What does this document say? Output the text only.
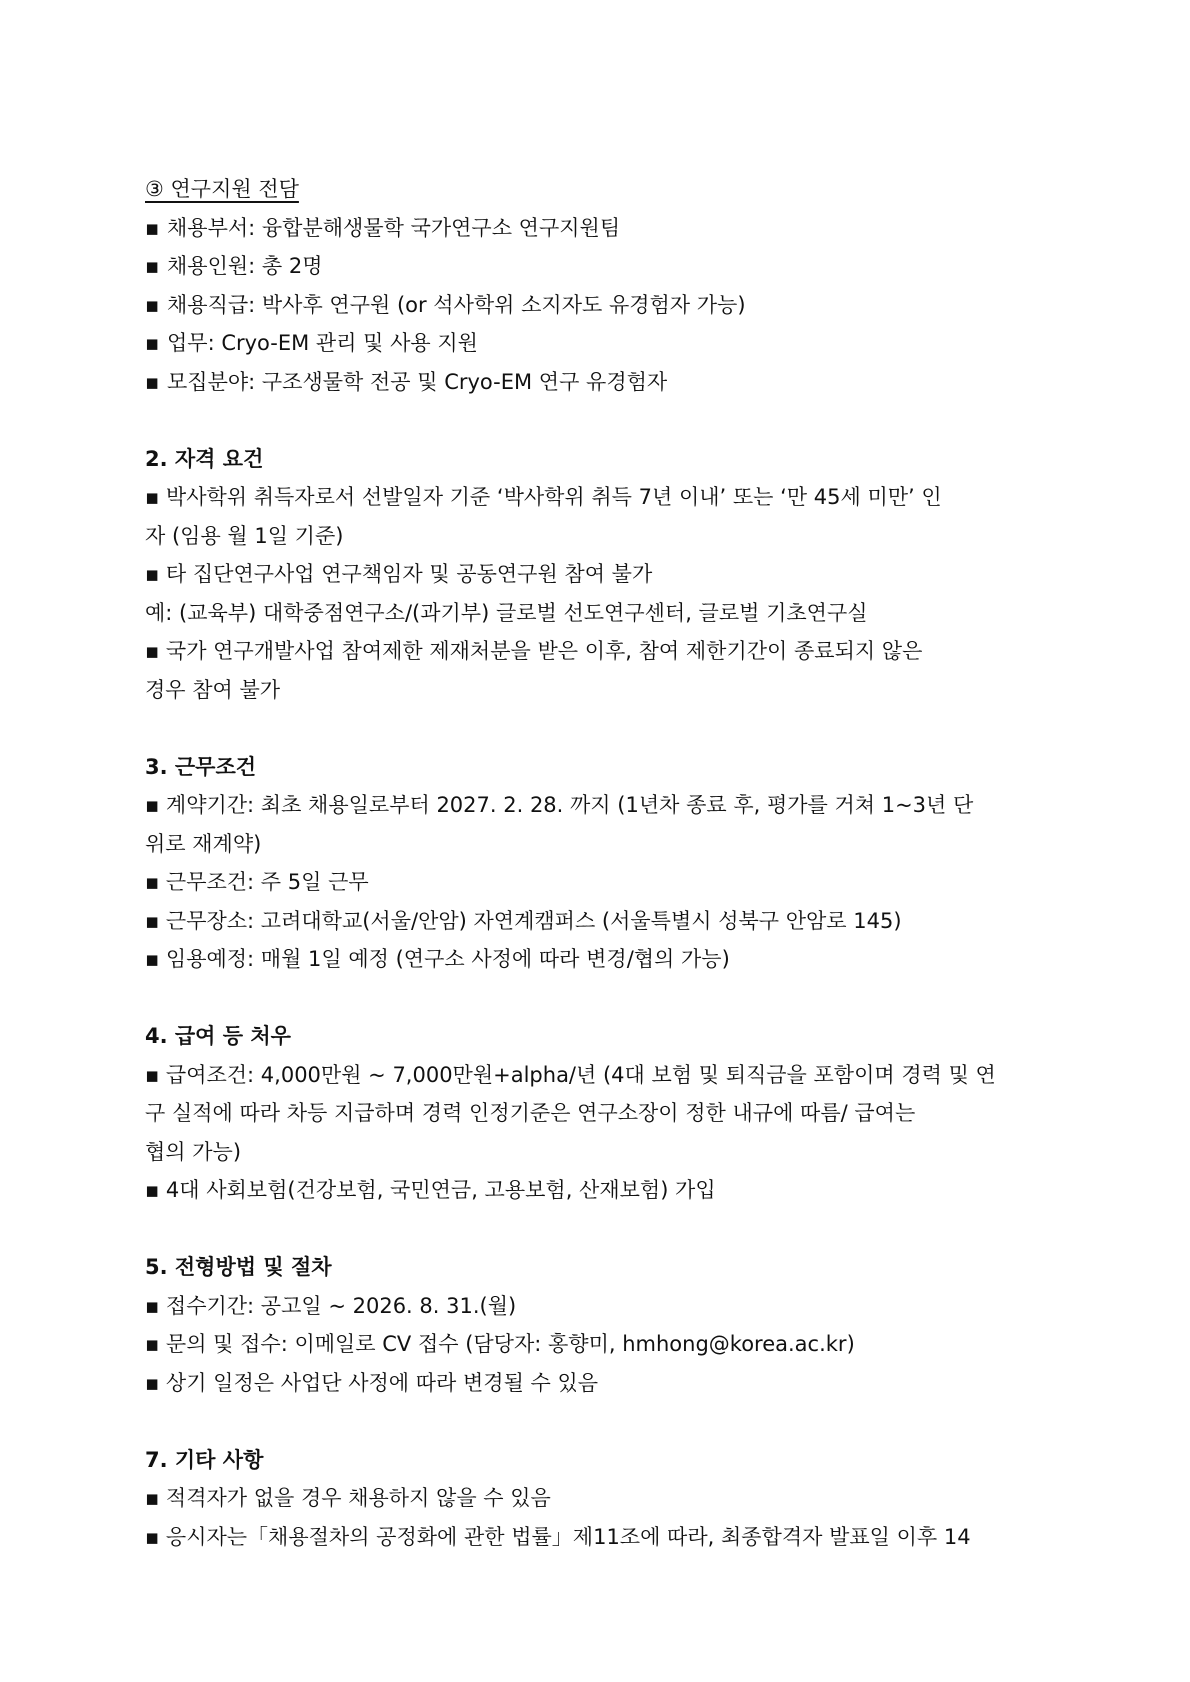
③ 연구지원 전담

▪ 채용부서: 융합분해생물학 국가연구소 연구지원팀

▪ 채용인원: 총 2명

▪ 채용직급: 박사후 연구원 (or 석사학위 소지자도 유경험자 가능)

▪ 업무: Cryo-EM 관리 및 사용 지원

▪ 모집분야: 구조생물학 전공 및 Cryo-EM 연구 유경험자

2. 자격 요건

▪ 박사학위 취득자로서 선발일자 기준 ‘박사학위 취득 7년 이내’ 또는 ‘만 45세 미만’ 인

자 (임용 월 1일 기준)

▪ 타 집단연구사업 연구책임자 및 공동연구원 참여 불가

예: (교육부) 대학중점연구소/(과기부) 글로벌 선도연구센터, 글로벌 기초연구실

▪ 국가 연구개발사업 참여제한 제재처분을 받은 이후, 참여 제한기간이 종료되지 않은

경우 참여 불가

3. 근무조건

▪ 계약기간: 최초 채용일로부터 2027. 2. 28. 까지 (1년차 종료 후, 평가를 거쳐 1~3년 단

위로 재계약)

▪ 근무조건: 주 5일 근무

▪ 근무장소: 고려대학교(서울/안암) 자연계캠퍼스 (서울특별시 성북구 안암로 145)

▪ 임용예정: 매월 1일 예정 (연구소 사정에 따라 변경/협의 가능)

4. 급여 등 처우

▪ 급여조건: 4,000만원 ~ 7,000만원+alpha/년 (4대 보험 및 퇴직금을 포함이며 경력 및 연

구 실적에 따라 차등 지급하며 경력 인정기준은 연구소장이 정한 내규에 따름/ 급여는

협의 가능)

▪ 4대 사회보험(건강보험, 국민연금, 고용보험, 산재보험) 가입

5. 전형방법 및 절차

▪ 접수기간: 공고일 ~ 2026. 8. 31.(월)

▪ 문의 및 접수: 이메일로 CV 접수 (담당자: 홍향미, hmhong@korea.ac.kr)

▪ 상기 일정은 사업단 사정에 따라 변경될 수 있음

7. 기타 사항

▪ 적격자가 없을 경우 채용하지 않을 수 있음

▪ 응시자는「채용절차의 공정화에 관한 법률」제11조에 따라, 최종합격자 발표일 이후 14
